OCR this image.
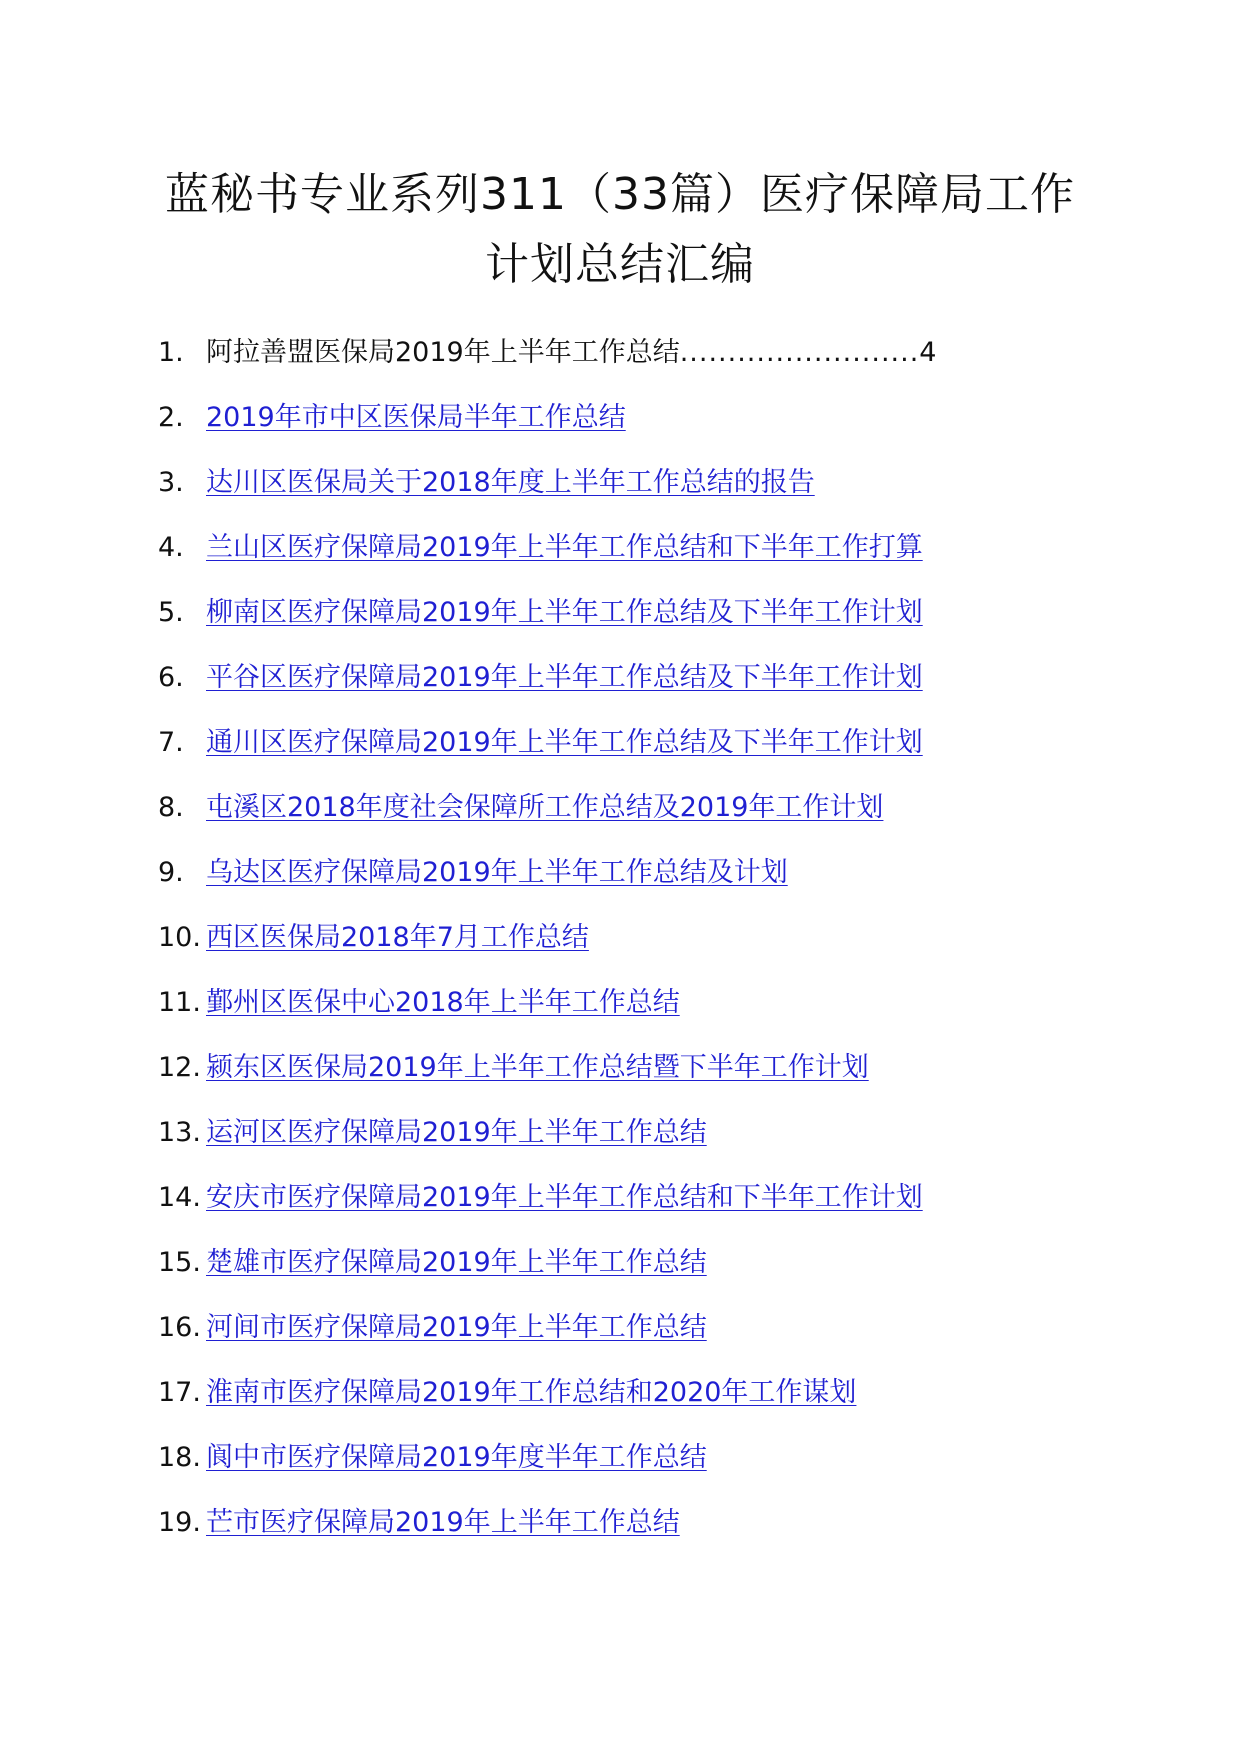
蓝秘书专业系列311（33篇）医疗保障局工作计划总结汇编
1. 阿拉善盟医保局2019年上半年工作总结.........................4
2. 2019年市中区医保局半年工作总结
3. 达川区医保局关于2018年度上半年工作总结的报告
4. 兰山区医疗保障局2019年上半年工作总结和下半年工作打算
5. 柳南区医疗保障局2019年上半年工作总结及下半年工作计划
6. 平谷区医疗保障局2019年上半年工作总结及下半年工作计划
7. 通川区医疗保障局2019年上半年工作总结及下半年工作计划
8. 屯溪区2018年度社会保障所工作总结及2019年工作计划
9. 乌达区医疗保障局2019年上半年工作总结及计划
10. 西区医保局2018年7月工作总结
11. 鄞州区医保中心2018年上半年工作总结
12. 颍东区医保局2019年上半年工作总结暨下半年工作计划
13. 运河区医疗保障局2019年上半年工作总结
14. 安庆市医疗保障局2019年上半年工作总结和下半年工作计划
15. 楚雄市医疗保障局2019年上半年工作总结
16. 河间市医疗保障局2019年上半年工作总结
17. 淮南市医疗保障局2019年工作总结和2020年工作谋划
18. 阆中市医疗保障局2019年度半年工作总结
19. 芒市医疗保障局2019年上半年工作总结
